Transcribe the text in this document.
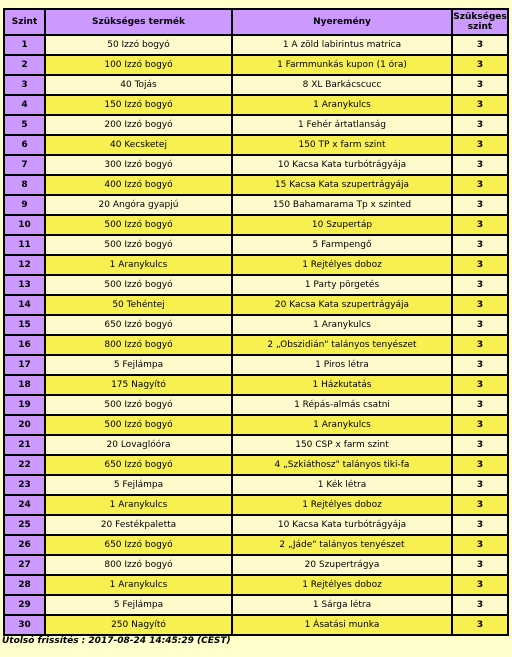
Szint	Szükséges termék	Nyeremény	Szükséges
szint
1	50 Izzó bogyó	1 A zöld labirintus matrica	3
2	100 Izzó bogyó	1 Farmmunkás kupon (1 óra)	3
3	40 Tojás	8 XL Barkácscucc	3
4	150 Izzó bogyó	1 Aranykulcs	3
5	200 Izzó bogyó	1 Fehér ártatlanság	3
6	40 Kecsketej	150 TP x farm szint	3
7	300 Izzó bogyó	10 Kacsa Kata turbótrágyája	3
8	400 Izzó bogyó	15 Kacsa Kata szupertrágyája	3
9	20 Angóra gyapjú	150 Bahamarama Tp x szinted	3
10	500 Izzó bogyó	10 Szupertáp	3
11	500 Izzó bogyó	5 Farmpengő	3
12	1 Aranykulcs	1 Rejtélyes doboz	3
13	500 Izzó bogyó	1 Party pörgetés	3
14	50 Tehéntej	20 Kacsa Kata szupertrágyája	3
15	650 Izzó bogyó	1 Aranykulcs	3
16	800 Izzó bogyó	2 „Obszidián" talányos tenyészet	3
17	5 Fejlámpa	1 Piros létra	3
18	175 Nagyító	1 Házkutatás	3
19	500 Izzó bogyó	1 Répás-almás csatni	3
20	500 Izzó bogyó	1 Aranykulcs	3
21	20 Lovaglóóra	150 CSP x farm szint	3
22	650 Izzó bogyó	4 „Szkiáthosz" talányos tiki-fa	3
23	5 Fejlámpa	1 Kék létra	3
24	1 Aranykulcs	1 Rejtélyes doboz	3
25	20 Festékpaletta	10 Kacsa Kata turbótrágyája	3
26	650 Izzó bogyó	2 „Jáde" talányos tenyészet	3
27	800 Izzó bogyó	20 Szupertrágya	3
28	1 Aranykulcs	1 Rejtélyes doboz	3
29	5 Fejlámpa	1 Sárga létra	3
30	250 Nagyító	1 Ásatási munka	3
Utolsó frissítés : 2017-08-24 14:45:29 (CEST)
